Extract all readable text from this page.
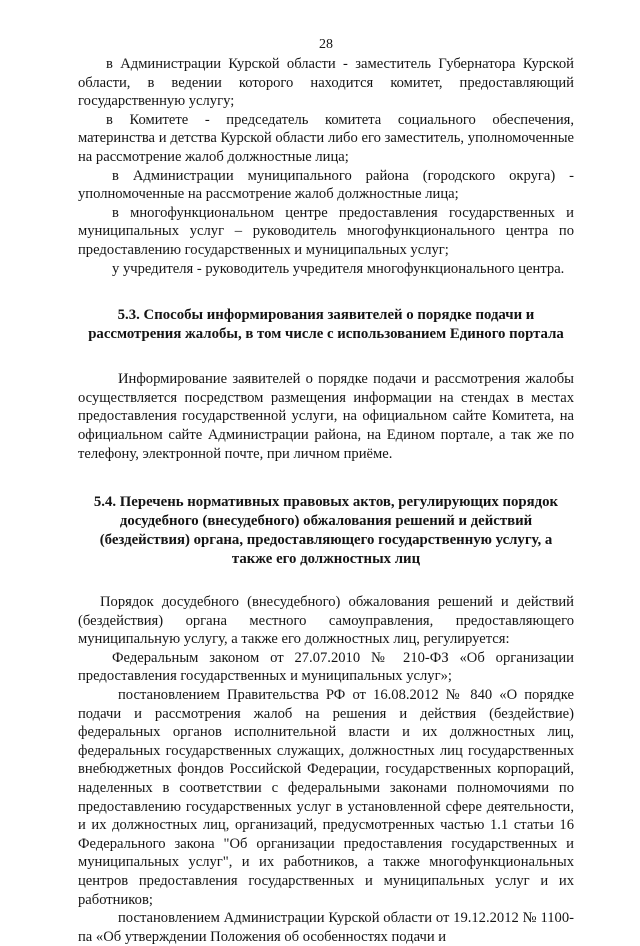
28

в Администрации Курской области - заместитель Губернатора Курской области, в ведении которого находится комитет, предоставляющий государственную услугу;

в Комитете - председатель комитета социального обеспечения, материнства и детства Курской области либо его заместитель, уполномоченные на рассмотрение жалоб должностные лица;

в Администрации муниципального района (городского округа) - уполномоченные на рассмотрение жалоб должностные лица;

в многофункциональном центре предоставления государственных и муниципальных услуг – руководитель многофункционального центра по предоставлению государственных и муниципальных услуг;

у учредителя - руководитель учредителя многофункционального центра.

5.3. Способы информирования заявителей о порядке подачи и рассмотрения жалобы, в том числе с использованием Единого портала

Информирование заявителей о порядке подачи и рассмотрения жалобы осуществляется посредством размещения информации на стендах в местах предоставления государственной услуги, на официальном сайте Комитета, на официальном сайте Администрации района, на Едином портале, а так же по телефону, электронной почте, при личном приёме.

5.4. Перечень нормативных правовых актов, регулирующих порядок досудебного (внесудебного) обжалования решений и действий (бездействия) органа, предоставляющего государственную услугу, а также его должностных лиц

Порядок досудебного (внесудебного) обжалования решений и действий (бездействия) органа местного самоуправления, предоставляющего муниципальную услугу, а также его должностных лиц, регулируется:

Федеральным законом от 27.07.2010 № 210-ФЗ «Об организации предоставления государственных и муниципальных услуг»;

постановлением Правительства РФ от 16.08.2012 № 840 «О порядке подачи и рассмотрения жалоб на решения и действия (бездействие) федеральных органов исполнительной власти и их должностных лиц, федеральных государственных служащих, должностных лиц государственных внебюджетных фондов Российской Федерации, государственных корпораций, наделенных в соответствии с федеральными законами полномочиями по предоставлению государственных услуг в установленной сфере деятельности, и их должностных лиц, организаций, предусмотренных частью 1.1 статьи 16 Федерального закона "Об организации предоставления государственных и муниципальных услуг", и их работников, а также многофункциональных центров предоставления государственных и муниципальных услуг и их работников;

постановлением Администрации Курской области от 19.12.2012 № 1100-па «Об утверждении Положения об особенностях подачи и
